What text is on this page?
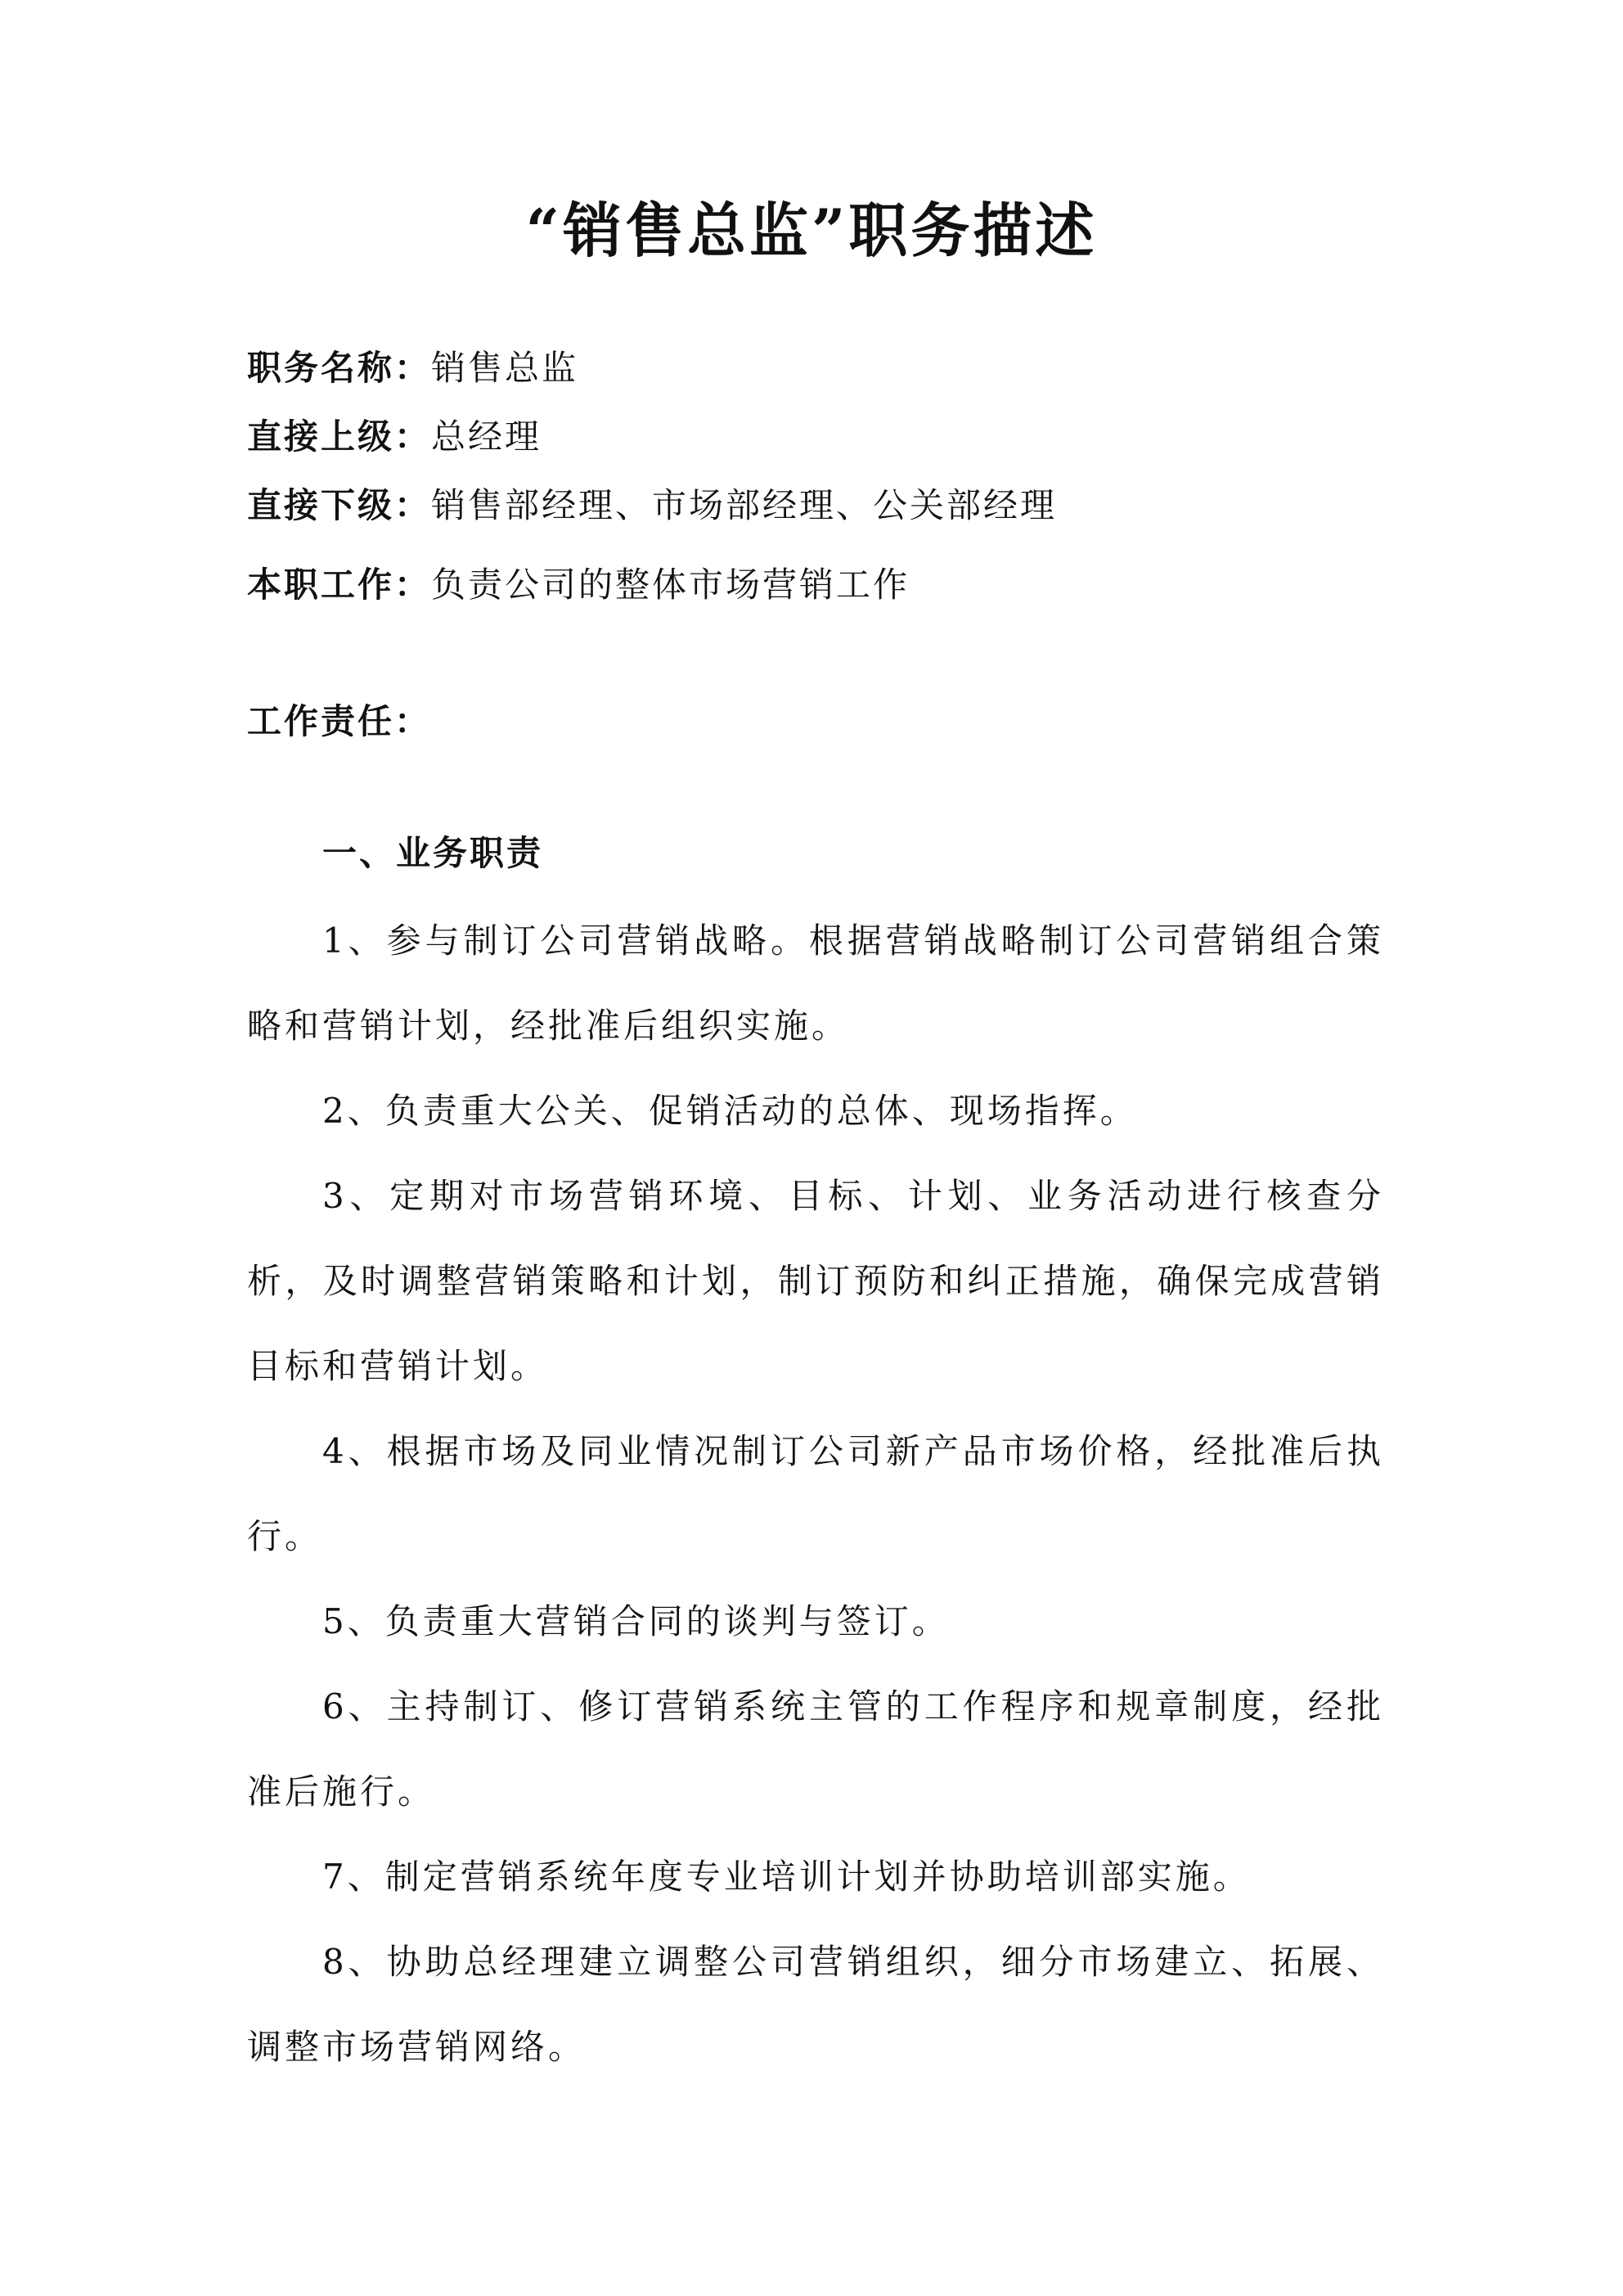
“销售总监”职务描述
职务名称：销售总监
直接上级：总经理
直接下级：销售部经理、市场部经理、公关部经理
本职工作：负责公司的整体市场营销工作
工作责任：
一、业务职责

1、参与制订公司营销战略。根据营销战略制订公司营销组合策略和营销计划，经批准后组织实施。

2、负责重大公关、促销活动的总体、现场指挥。

3、定期对市场营销环境、目标、计划、业务活动进行核查分析，及时调整营销策略和计划，制订预防和纠正措施，确保完成营销目标和营销计划。

4、根据市场及同业情况制订公司新产品市场价格，经批准后执行。

5、负责重大营销合同的谈判与签订。

6、主持制订、修订营销系统主管的工作程序和规章制度，经批准后施行。

7、制定营销系统年度专业培训计划并协助培训部实施。

8、协助总经理建立调整公司营销组织，细分市场建立、拓展、调整市场营销网络。
